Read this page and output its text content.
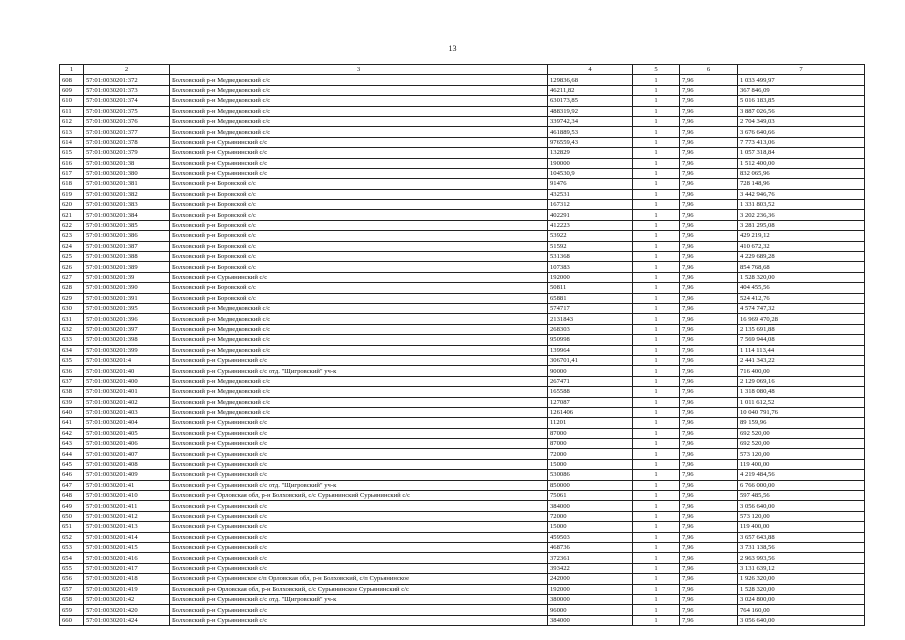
13
1	2	3	4	5	6	7
608	57:01:0030201:372	Болховский р-н Медведковский с/с	129836,68	1	7,96	1 033 499,97
609	57:01:0030201:373	Болховский р-н Медведковский с/с	46211,82	1	7,96	367 846,09
610	57:01:0030201:374	Болховский р-н Медведковский с/с	630173,85	1	7,96	5 016 183,85
611	57:01:0030201:375	Болховский р-н Медведковский с/с	488319,92	1	7,96	3 887 026,56
612	57:01:0030201:376	Болховский р-н Медведковский с/с	339742,34	1	7,96	2 704 349,03
613	57:01:0030201:377	Болховский р-н Медведковский с/с	461889,53	1	7,96	3 676 640,66
614	57:01:0030201:378	Болховский р-н Сурьянинский с/с	976559,43	1	7,96	7 773 413,06
615	57:01:0030201:379	Болховский р-н Сурьянинский с/с	132829	1	7,96	1 057 318,84
616	57:01:0030201:38	Болховский р-н Сурьянинский с/с	190000	1	7,96	1 512 400,00
617	57:01:0030201:380	Болховский р-н Сурьянинский с/с	104530,9	1	7,96	832 065,96
618	57:01:0030201:381	Болховский р-н Боровской с/с	91476	1	7,96	728 148,96
619	57:01:0030201:382	Болховский р-н Боровской с/с	432531	1	7,96	3 442 946,76
620	57:01:0030201:383	Болховский р-н Боровской с/с	167312	1	7,96	1 331 803,52
621	57:01:0030201:384	Болховский р-н Боровской с/с	402291	1	7,96	3 202 236,36
622	57:01:0030201:385	Болховский р-н Боровской с/с	412223	1	7,96	3 281 295,08
623	57:01:0030201:386	Болховский р-н Боровской с/с	53922	1	7,96	429 219,12
624	57:01:0030201:387	Болховский р-н Боровской с/с	51592	1	7,96	410 672,32
625	57:01:0030201:388	Болховский р-н Боровской с/с	531368	1	7,96	4 229 689,28
626	57:01:0030201:389	Болховский р-н Боровской с/с	107383	1	7,96	854 768,68
627	57:01:0030201:39	Болховский р-н Сурьянинский с/с	192000	1	7,96	1 528 320,00
628	57:01:0030201:390	Болховский р-н Боровской с/с	50811	1	7,96	404 455,56
629	57:01:0030201:391	Болховский р-н Боровской с/с	65881	1	7,96	524 412,76
630	57:01:0030201:395	Болховский р-н Медведковский с/с	574717	1	7,96	4 574 747,32
631	57:01:0030201:396	Болховский р-н Медведковский с/с	2131843	1	7,96	16 969 470,28
632	57:01:0030201:397	Болховский р-н Медведковский с/с	268303	1	7,96	2 135 691,88
633	57:01:0030201:398	Болховский р-н Медведковский с/с	950998	1	7,96	7 569 944,08
634	57:01:0030201:399	Болховский р-н Медведковский с/с	139964	1	7,96	1 114 113,44
635	57:01:0030201:4	Болховский р-н Сурьянинский с/с	306701,41	1	7,96	2 441 343,22
636	57:01:0030201:40	Болховский р-н Сурьянинский с/с отд. "Щигровский" уч-к	90000	1	7,96	716 400,00
637	57:01:0030201:400	Болховский р-н Медведковский с/с	267471	1	7,96	2 129 069,16
638	57:01:0030201:401	Болховский р-н Медведковский с/с	165588	1	7,96	1 318 080,48
639	57:01:0030201:402	Болховский р-н Медведковский с/с	127087	1	7,96	1 011 612,52
640	57:01:0030201:403	Болховский р-н Медведковский с/с	1261406	1	7,96	10 040 791,76
641	57:01:0030201:404	Болховский р-н Сурьянинский с/с	11201	1	7,96	89 159,96
642	57:01:0030201:405	Болховский р-н Сурьянинский с/с	87000	1	7,96	692 520,00
643	57:01:0030201:406	Болховский р-н Сурьянинский с/с	87000	1	7,96	692 520,00
644	57:01:0030201:407	Болховский р-н Сурьянинский с/с	72000	1	7,96	573 120,00
645	57:01:0030201:408	Болховский р-н Сурьянинский с/с	15000	1	7,96	119 400,00
646	57:01:0030201:409	Болховский р-н Сурьянинский с/с	530086	1	7,96	4 219 484,56
647	57:01:0030201:41	Болховский р-н Сурьянинский с/с отд. "Щигровский" уч-к	850000	1	7,96	6 766 000,00
648	57:01:0030201:410	Болховский р-н Орловская обл, р-н Болховский, с/с Сурьянинский Сурьянинский с/с	75061	1	7,96	597 485,56
649	57:01:0030201:411	Болховский р-н Сурьянинский с/с	384000	1	7,96	3 056 640,00
650	57:01:0030201:412	Болховский р-н Сурьянинский с/с	72000	1	7,96	573 120,00
651	57:01:0030201:413	Болховский р-н Сурьянинский с/с	15000	1	7,96	119 400,00
652	57:01:0030201:414	Болховский р-н Сурьянинский с/с	459503	1	7,96	3 657 643,88
653	57:01:0030201:415	Болховский р-н Сурьянинский с/с	468736	1	7,96	3 731 138,56
654	57:01:0030201:416	Болховский р-н Сурьянинский с/с	372361	1	7,96	2 963 993,56
655	57:01:0030201:417	Болховский р-н Сурьянинский с/с	393422	1	7,96	3 131 639,12
656	57:01:0030201:418	Болховский р-н Сурьянинское с/п Орловская обл, р-н Болховский, с/п Сурьянинское	242000	1	7,96	1 926 320,00
657	57:01:0030201:419	Болховский р-н Орловская обл, р-н Болховский, с/с Сурьянинское Сурьянинский с/с	192000	1	7,96	1 528 320,00
658	57:01:0030201:42	Болховский р-н Сурьянинский с/с отд. "Щигровский" уч-к	380000	1	7,96	3 024 800,00
659	57:01:0030201:420	Болховский р-н Сурьянинский с/с	96000	1	7,96	764 160,00
660	57:01:0030201:424	Болховский р-н Сурьянинский с/с	384000	1	7,96	3 056 640,00
